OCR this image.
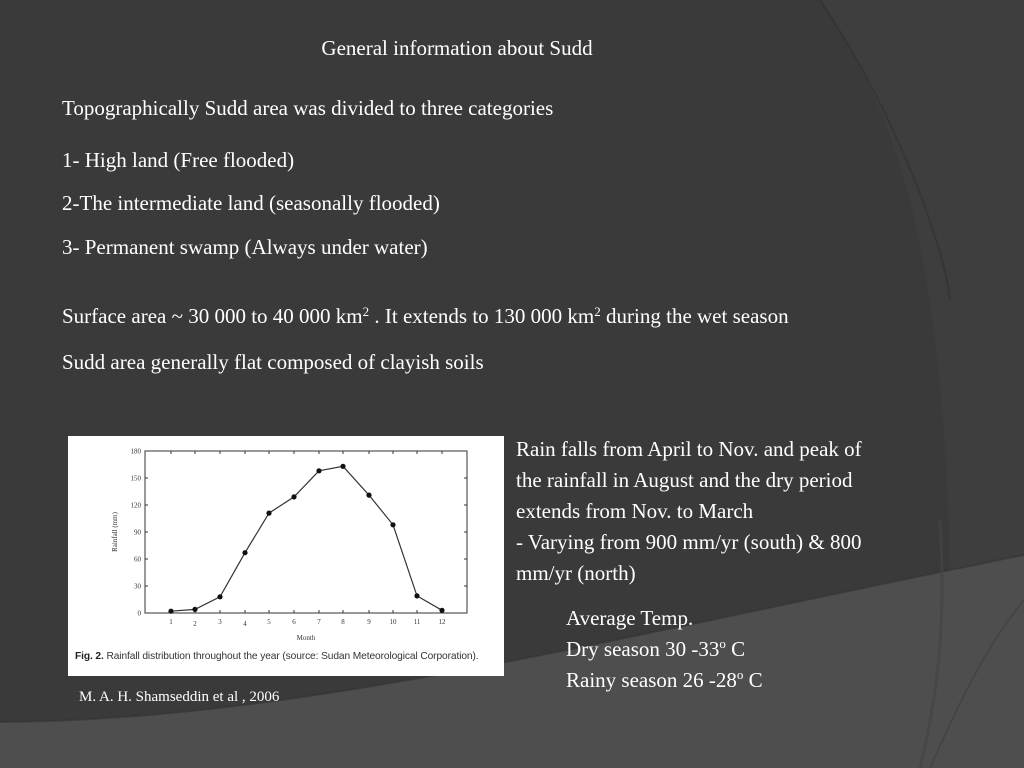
General information about Sudd
Topographically Sudd area was divided to three categories
1- High land (Free flooded)
2-The intermediate land (seasonally flooded)
3- Permanent swamp (Always under water)
Surface area ~ 30 000 to 40 000 $km^2$ . It extends to 130 000 $km^2$ during the wet season
Sudd area generally flat composed of clayish soils
0
30
60
90
120
150
180
1	2	3	4	5	6	7	8	9	10 11	12
Month
Rainfall (mm)
Fig. 2. Rainfall distribution throughout the year (source: Sudan Meteorological Corporation).
Rain falls from April to Nov. and peak of
the rainfall in August and the dry period
extends from Nov. to March
- Varying from 900 mm/yr (south) & 800
mm/yr (north)
Average Temp.
Dry season 30 -33$^o$ C
Rainy season 26 -28$^o$ C
M. A. H. Shamseddin et al , 2006
